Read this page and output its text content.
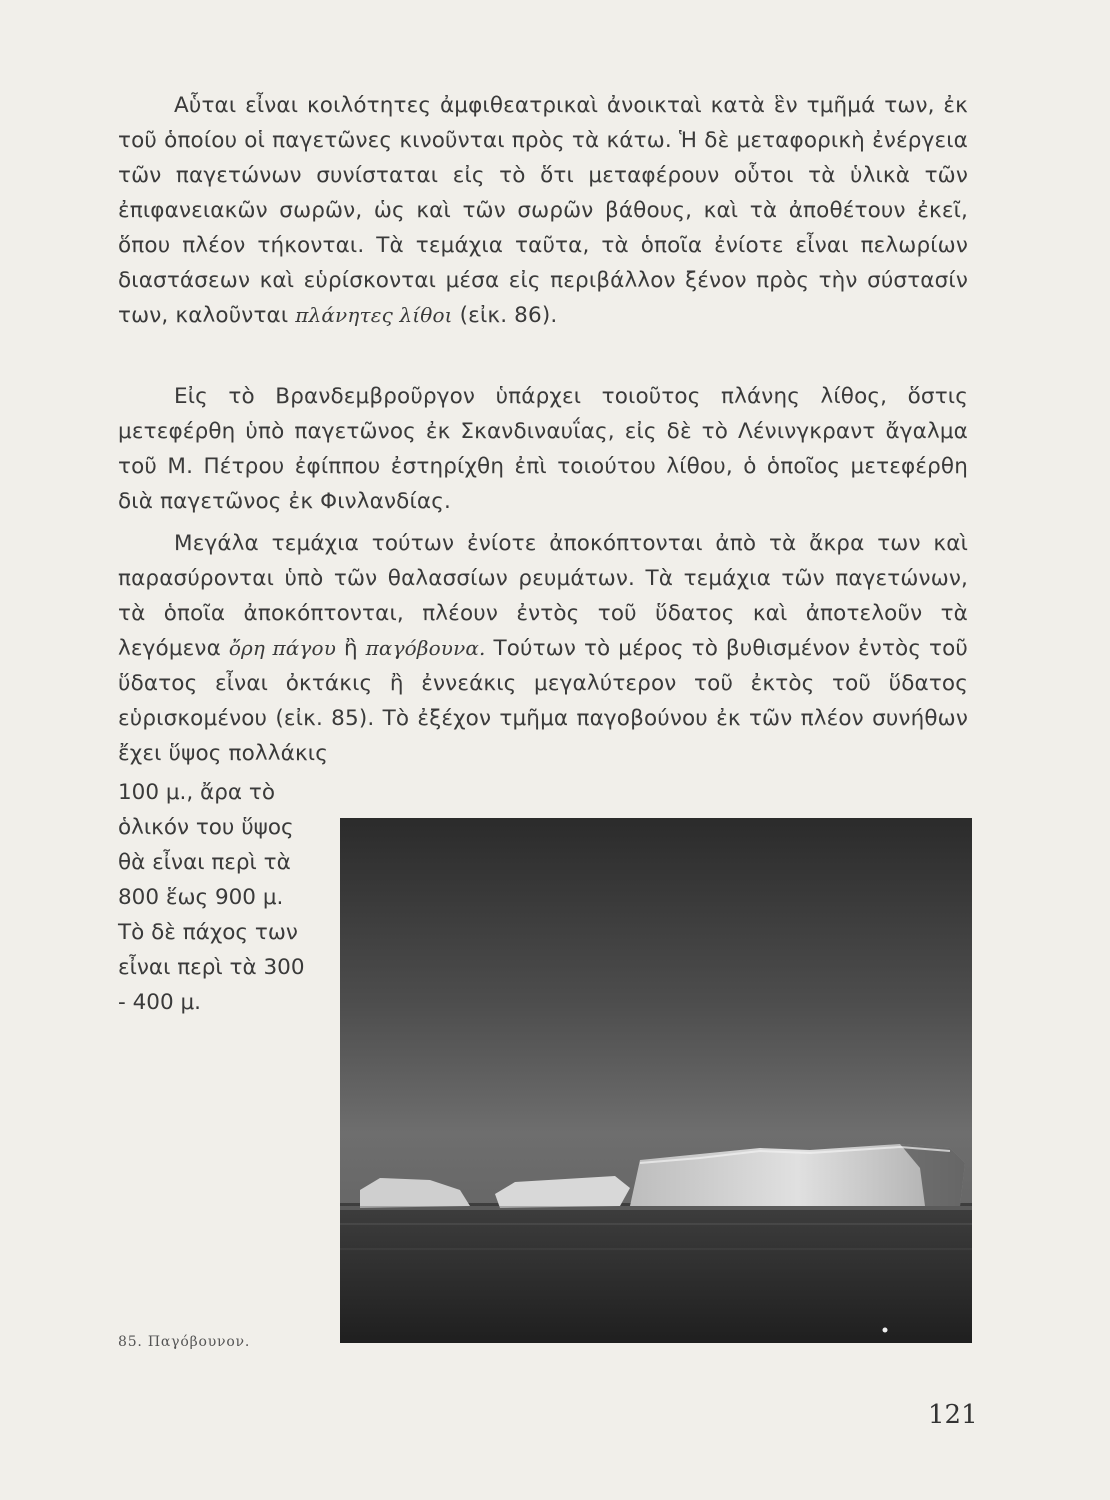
Αὗται εἶναι κοιλότητες ἀμφιθεατρικαὶ ἀνοικταὶ κατὰ ἓν τμῆμά των, ἐκ τοῦ ὁποίου οἱ παγετῶνες κινοῦνται πρὸς τὰ κάτω. Ἡ δὲ μεταφορικὴ ἐνέργεια τῶν παγετώνων συνίσταται εἰς τὸ ὅτι μεταφέρουν οὗτοι τὰ ὑλικὰ τῶν ἐπιφανειακῶν σωρῶν, ὡς καὶ τῶν σωρῶν βάθους, καὶ τὰ ἀποθέτουν ἐκεῖ, ὅπου πλέον τήκονται. Τὰ τεμάχια ταῦτα, τὰ ὁποῖα ἐνίοτε εἶναι πελωρίων διαστάσεων καὶ εὑρίσκονται μέσα εἰς περιβάλλον ξένον πρὸς τὴν σύστασίν των, καλοῦνται πλάνητες λίθοι (εἰκ. 86).

Εἰς τὸ Βρανδεμβροῦργον ὑπάρχει τοιοῦτος πλάνης λίθος, ὅστις μετεφέρθη ὑπὸ παγετῶνος ἐκ Σκανδιναυΐας, εἰς δὲ τὸ Λένινγκραντ ἄγαλμα τοῦ Μ. Πέτρου ἐφίππου ἐστηρίχθη ἐπὶ τοιούτου λίθου, ὁ ὁποῖος μετεφέρθη διὰ παγετῶνος ἐκ Φινλανδίας.

Μεγάλα τεμάχια τούτων ἐνίοτε ἀποκόπτονται ἀπὸ τὰ ἄκρα των καὶ παρασύρονται ὑπὸ τῶν θαλασσίων ρευμάτων. Τὰ τεμάχια τῶν παγετώνων, τὰ ὁποῖα ἀποκόπτονται, πλέουν ἐντὸς τοῦ ὕδατος καὶ ἀποτελοῦν τὰ λεγόμενα ὄρη πάγου ἢ παγόβουνα. Τούτων τὸ μέρος τὸ βυθισμένον ἐντὸς τοῦ ὕδατος εἶναι ὀκτάκις ἢ ἐννεάκις μεγαλύτερον τοῦ ἐκτὸς τοῦ ὕδατος εὑρισκομένου (εἰκ. 85). Τὸ ἐξέχον τμῆμα παγοβούνου ἐκ τῶν πλέον συνήθων ἔχει ὕψος πολλάκις

100 μ., ἄρα τὸ
ὁλικόν του ὕψος
θὰ εἶναι περὶ τὰ
800 ἕως 900 μ.
Τὸ δὲ πάχος των
εἶναι περὶ τὰ 300
- 400 μ.
85. Παγόβουνον.
121
